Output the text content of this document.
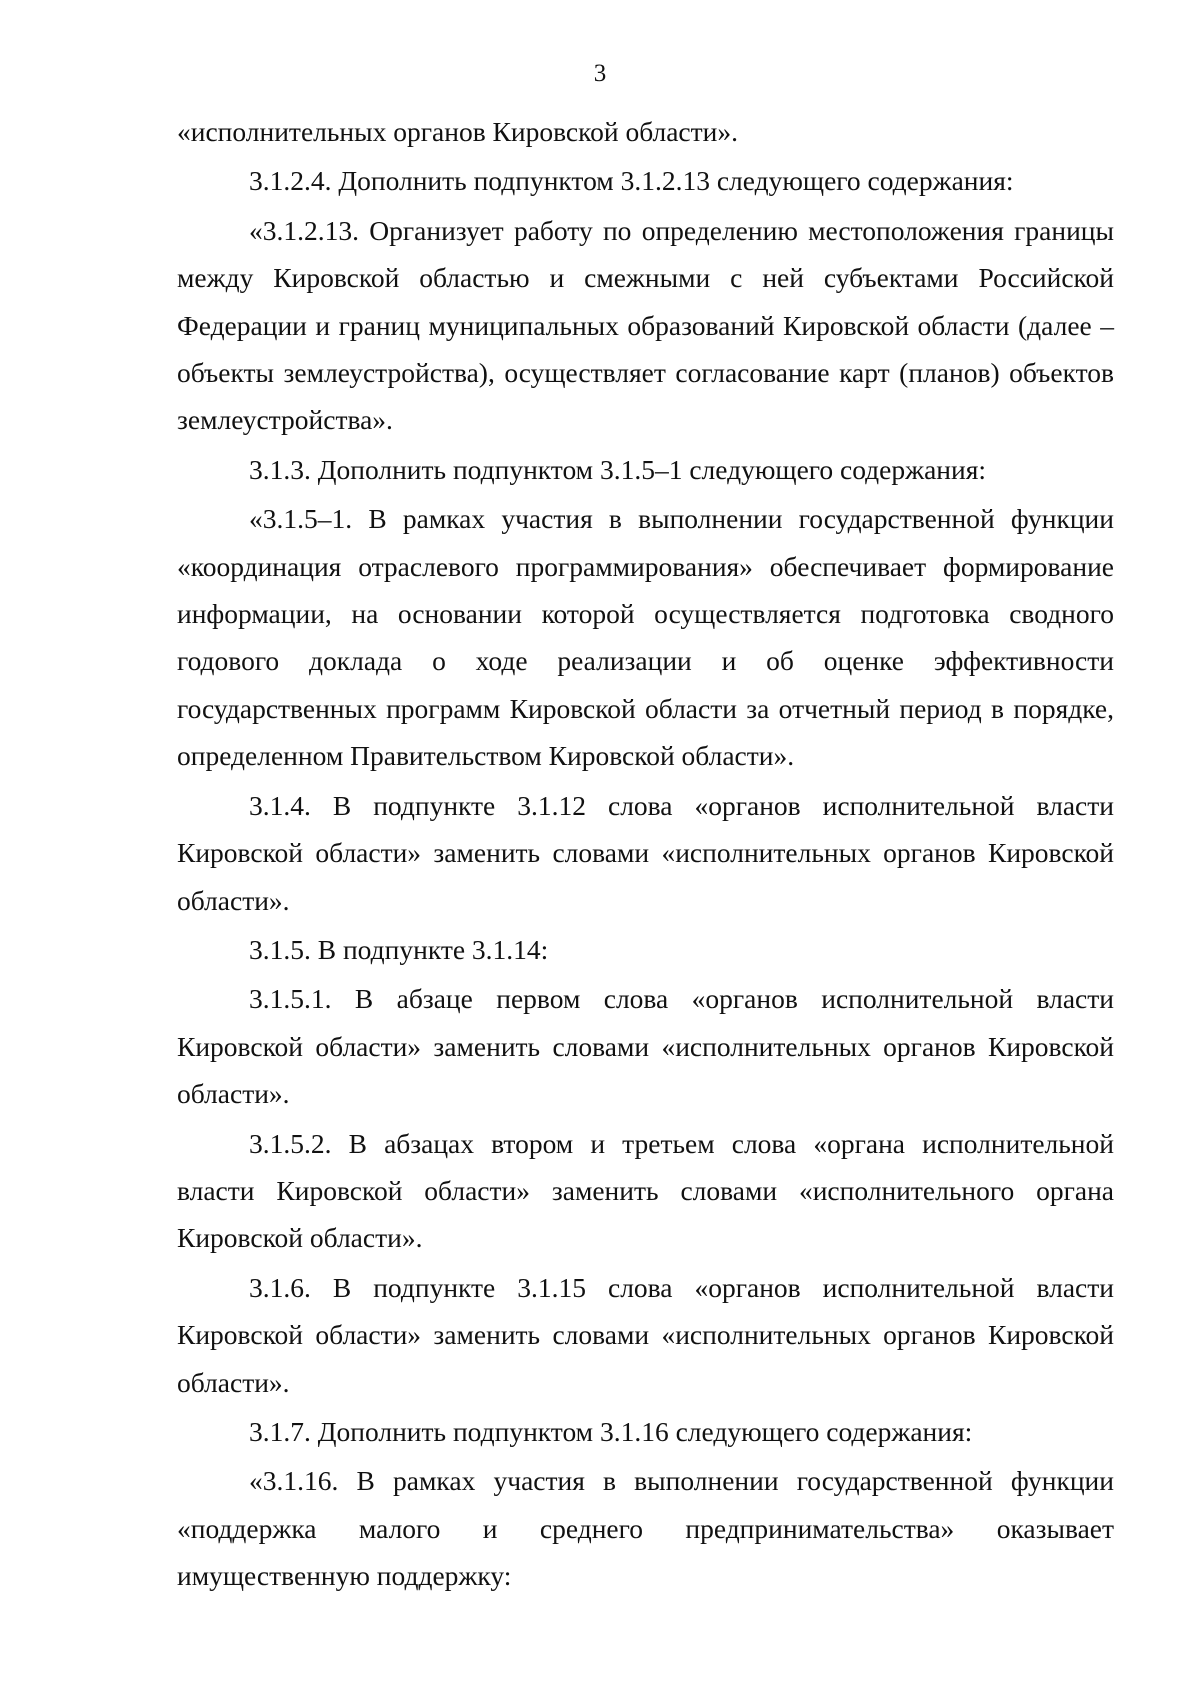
3

«исполнительных органов Кировской области».

3.1.2.4. Дополнить подпунктом 3.1.2.13 следующего содержания:

«3.1.2.13. Организует работу по определению местоположения границы между Кировской областью и смежными с ней субъектами Российской Федерации и границ муниципальных образований Кировской области (далее – объекты землеустройства), осуществляет согласование карт (планов) объектов землеустройства».

3.1.3. Дополнить подпунктом 3.1.5–1 следующего содержания:

«3.1.5–1. В рамках участия в выполнении государственной функции «координация отраслевого программирования» обеспечивает формирование информации, на основании которой осуществляется подготовка сводного годового доклада о ходе реализации и об оценке эффективности государственных программ Кировской области за отчетный период в порядке, определенном Правительством Кировской области».

3.1.4. В подпункте 3.1.12 слова «органов исполнительной власти Кировской области» заменить словами «исполнительных органов Кировской области».

3.1.5. В подпункте 3.1.14:

3.1.5.1. В абзаце первом слова «органов исполнительной власти Кировской области» заменить словами «исполнительных органов Кировской области».

3.1.5.2. В абзацах втором и третьем слова «органа исполнительной власти Кировской области» заменить словами «исполнительного органа Кировской области».

3.1.6. В подпункте 3.1.15 слова «органов исполнительной власти Кировской области» заменить словами «исполнительных органов Кировской области».

3.1.7. Дополнить подпунктом 3.1.16 следующего содержания:

«3.1.16. В рамках участия в выполнении государственной функции «поддержка малого и среднего предпринимательства» оказывает имущественную поддержку:
